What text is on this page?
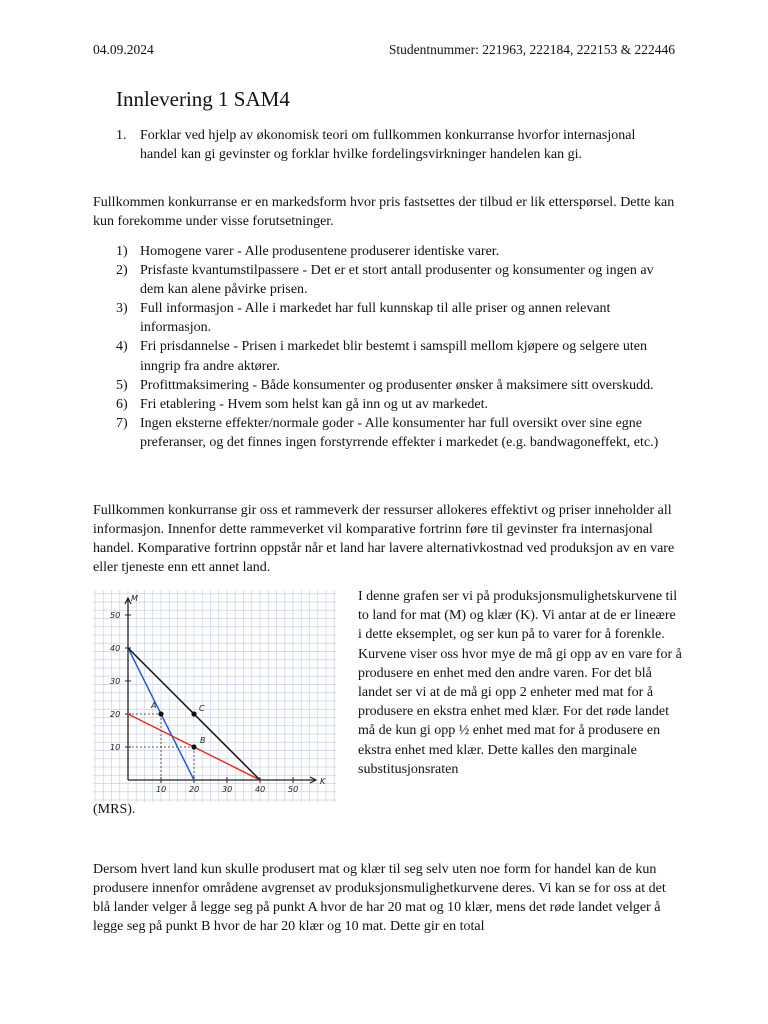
04.09.2024	Studentnummer: 221963, 222184, 222153 & 222446
Innlevering 1 SAM4
1. Forklar ved hjelp av økonomisk teori om fullkommen konkurranse hvorfor internasjonal handel kan gi gevinster og forklar hvilke fordelingsvirkninger handelen kan gi.
Fullkommen konkurranse er en markedsform hvor pris fastsettes der tilbud er lik etterspørsel. Dette kan kun forekomme under visse forutsetninger.
1) Homogene varer - Alle produsentene produserer identiske varer.
2) Prisfaste kvantumstilpassere - Det er et stort antall produsenter og konsumenter og ingen av dem kan alene påvirke prisen.
3) Full informasjon - Alle i markedet har full kunnskap til alle priser og annen relevant informasjon.
4) Fri prisdannelse - Prisen i markedet blir bestemt i samspill mellom kjøpere og selgere uten inngrip fra andre aktører.
5) Profittmaksimering - Både konsumenter og produsenter ønsker å maksimere sitt overskudd.
6) Fri etablering - Hvem som helst kan gå inn og ut av markedet.
7) Ingen eksterne effekter/normale goder - Alle konsumenter har full oversikt over sine egne preferanser, og det finnes ingen forstyrrende effekter i markedet (e.g. bandwagoneffekt, etc.)
Fullkommen konkurranse gir oss et rammeverk der ressurser allokeres effektivt og priser inneholder all informasjon. Innenfor dette rammeverket vil komparative fortrinn føre til gevinster fra internasjonal handel. Komparative fortrinn oppstår når et land har lavere alternativkostnad ved produksjon av en vare eller tjeneste enn ett annet land.
M
K
10
20
30
40
50
10	20	30	40	50
A
B
C
I denne grafen ser vi på produksjonsmulighetskurvene til to land for mat (M) og klær (K). Vi antar at de er lineære i dette eksemplet, og ser kun på to varer for å forenkle. Kurvene viser oss hvor mye de må gi opp av en vare for å produsere en enhet med den andre varen. For det blå landet ser vi at de må gi opp 2 enheter med mat for å produsere en ekstra enhet med klær. For det røde landet må de kun gi opp ½ enhet med mat for å produsere en ekstra enhet med klær. Dette kalles den marginale substitusjonsraten
(MRS).
Dersom hvert land kun skulle produsert mat og klær til seg selv uten noe form for handel kan de kun produsere innenfor områdene avgrenset av produksjonsmulighetkurvene deres. Vi kan se for oss at det blå lander velger å legge seg på punkt A hvor de har 20 mat og 10 klær, mens det røde landet velger å legge seg på punkt B hvor de har 20 klær og 10 mat. Dette gir en total
